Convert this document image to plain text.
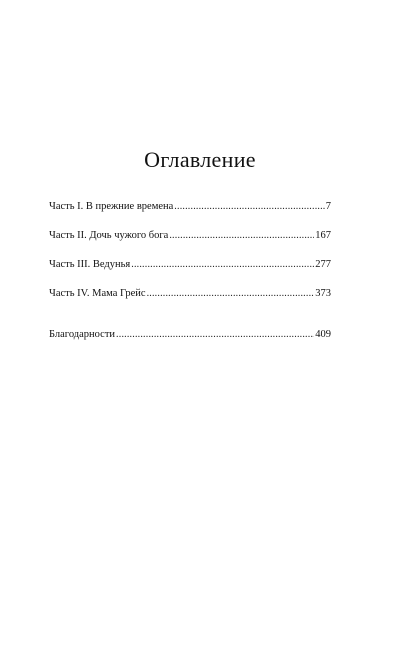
Оглавление
Часть I. В прежние времена .....	7
Часть II. Дочь чужого бога .....	167
Часть III. Ведунья .....	277
Часть IV. Мама Грейс .....	373
Благодарности .....	409
